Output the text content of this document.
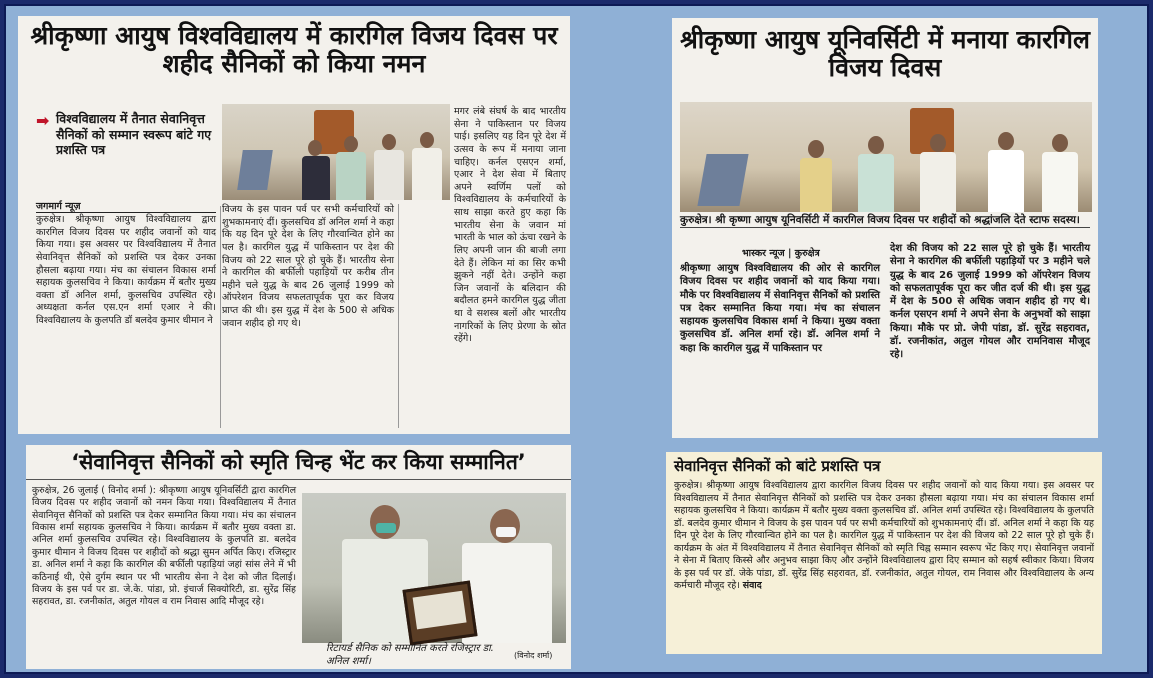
श्रीकृष्णा आयुष विश्वविद्यालय में कारगिल विजय दिवस पर शहीद सैनिकों को किया नमन
➡ विश्वविद्यालय में तैनात सेवानिवृत्त सैनिकों को सम्मान स्वरूप बांटे गए प्रशस्ति पत्र
जगमार्ग न्यूज़
कुरुक्षेत्र। श्रीकृष्णा आयुष विश्वविद्यालय द्वारा कारगिल विजय दिवस पर शहीद जवानों को याद किया गया। इस अवसर पर विश्वविद्यालय में तैनात सेवानिवृत्त सैनिकों को प्रशस्ति पत्र देकर उनका हौसला बढ़ाया गया। मंच का संचालन विकास शर्मा सहायक कुलसचिव ने किया। कार्यक्रम में बतौर मुख्य वक्ता डॉ अनिल शर्मा, कुलसचिव उपस्थित रहे। अध्यक्षता कर्नल एस.एन शर्मा एआर ने की। विश्वविद्यालय के कुलपति डॉ बलदेव कुमार धीमान ने
विजय के इस पावन पर्व पर सभी कर्मचारियों को शुभकामनाएं दीं। कुलसचिव डॉ अनिल शर्मा ने कहा कि यह दिन पूरे देश के लिए गौरवान्वित होने का पल है। कारगिल युद्ध में पाकिस्तान पर देश की विजय को 22 साल पूरे हो चुके हैं। भारतीय सेना ने कारगिल की बर्फीली पहाड़ियों पर करीब तीन महीने चले युद्ध के बाद 26 जुलाई 1999 को ऑपरेशन विजय सफलतापूर्वक पूरा कर विजय प्राप्त की थी। इस युद्ध में देश के 500 से अधिक जवान शहीद हो गए थे।
मगर लंबे संघर्ष के बाद भारतीय सेना ने पाकिस्तान पर विजय पाई। इसलिए यह दिन पूरे देश में उत्सव के रूप में मनाया जाना चाहिए। कर्नल एसएन शर्मा, एआर ने देश सेवा में बिताए अपने स्वर्णिम पलों को विश्वविद्यालय के कर्मचारियों के साथ साझा करते हुए कहा कि भारतीय सेना के जवान मां भारती के भाल को ऊंचा रखने के लिए अपनी जान की बाजी लगा देते हैं। लेकिन मां का सिर कभी झुकने नहीं देते। उन्होंने कहा जिन जवानों के बलिदान की बदौलत हमने कारगिल युद्ध जीता था वे सशस्त्र बलों और भारतीय नागरिकों के लिए प्रेरणा के स्रोत रहेंगे।
श्रीकृष्णा आयुष यूनिवर्सिटी में मनाया कारगिल विजय दिवस
कुरुक्षेत्र। श्री कृष्णा आयुष यूनिवर्सिटी में कारगिल विजय दिवस पर शहीदों को श्रद्धांजलि देते स्टाफ सदस्य।
भास्कर न्यूज | कुरुक्षेत्र
श्रीकृष्णा आयुष विश्वविद्यालय की ओर से कारगिल विजय दिवस पर शहीद जवानों को याद किया गया। मौके पर विश्वविद्यालय में सेवानिवृत्त सैनिकों को प्रशस्ति पत्र देकर सम्मानित किया गया। मंच का संचालन सहायक कुलसचिव विकास शर्मा ने किया। मुख्य वक्ता कुलसचिव डॉ. अनिल शर्मा रहे। डॉ. अनिल शर्मा ने कहा कि कारगिल युद्ध में पाकिस्तान पर
देश की विजय को 22 साल पूरे हो चुके हैं। भारतीय सेना ने कारगिल की बर्फीली पहाड़ियों पर 3 महीने चले युद्ध के बाद 26 जुलाई 1999 को ऑपरेशन विजय को सफलतापूर्वक पूरा कर जीत दर्ज की थी। इस युद्ध में देश के 500 से अधिक जवान शहीद हो गए थे। कर्नल एसएन शर्मा ने अपने सेना के अनुभवों को साझा किया। मौके पर प्रो. जेपी पांडा, डॉ. सुरेंद्र सहरावत, डॉ. रजनीकांत, अतुल गोयल और रामनिवास मौजूद रहे।
‘सेवानिवृत्त सैनिकों को स्मृति चिन्ह भेंट कर किया सम्मानित’
कुरुक्षेत्र, 26 जुलाई ( विनोद शर्मा ): श्रीकृष्णा आयुष यूनिवर्सिटी द्वारा कारगिल विजय दिवस पर शहीद जवानों को नमन किया गया। विश्वविद्यालय में तैनात सेवानिवृत्त सैनिकों को प्रशस्ति पत्र देकर सम्मानित किया गया। मंच का संचालन विकास शर्मा सहायक कुलसचिव ने किया। कार्यक्रम में बतौर मुख्य वक्ता डा. अनिल शर्मा कुलसचिव उपस्थित रहे। विश्वविद्यालय के कुलपति डा. बलदेव कुमार धीमान ने विजय दिवस पर शहीदों को श्रद्धा सुमन अर्पित किए। रजिस्ट्रार डा. अनिल शर्मा ने कहा कि कारगिल की बर्फीली पहाड़ियां जहां सांस लेने में भी कठिनाई थी, ऐसे दुर्गम स्थान पर भी भारतीय सेना ने देश को जीत दिलाई। विजय के इस पर्व पर डा. जे.के. पांडा, प्रो. इंचार्ज सिक्योरिटी, डा. सुरेंद्र सिंह सहरावत, डा. रजनीकांत, अतुल गोयल व राम निवास आदि मौजूद रहे।
रिटायर्ड सैनिक को सम्मानित करते रजिस्ट्रार डा. अनिल शर्मा।	(विनोद शर्मा)
सेवानिवृत्त सैनिकों को बांटे प्रशस्ति पत्र
कुरुक्षेत्र। श्रीकृष्णा आयुष विश्वविद्यालय द्वारा कारगिल विजय दिवस पर शहीद जवानों को याद किया गया। इस अवसर पर विश्वविद्यालय में तैनात सेवानिवृत्त सैनिकों को प्रशस्ति पत्र देकर उनका हौसला बढ़ाया गया। मंच का संचालन विकास शर्मा सहायक कुलसचिव ने किया। कार्यक्रम में बतौर मुख्य वक्ता कुलसचिव डॉ. अनिल शर्मा उपस्थित रहे। विश्वविद्यालय के कुलपति डॉ. बलदेव कुमार धीमान ने विजय के इस पावन पर्व पर सभी कर्मचारियों को शुभकामनाएं दीं। डॉ. अनिल शर्मा ने कहा कि यह दिन पूरे देश के लिए गौरवान्वित होने का पल है। कारगिल युद्ध में पाकिस्तान पर देश की विजय को 22 साल पूरे हो चुके हैं। कार्यक्रम के अंत में विश्वविद्यालय में तैनात सेवानिवृत्त सैनिकों को स्मृति चिह्न सम्मान स्वरूप भेंट किए गए। सेवानिवृत्त जवानों ने सेना में बिताए किस्से और अनुभव साझा किए और उन्होंने विश्वविद्यालय द्वारा दिए सम्मान को सहर्ष स्वीकार किया। विजय के इस पर्व पर डॉ. जेके पांडा, डॉ. सुरेंद्र सिंह सहरावत, डॉ. रजनीकांत, अतुल गोयल, राम निवास और विश्वविद्यालय के अन्य कर्मचारी मौजूद रहे। संवाद
